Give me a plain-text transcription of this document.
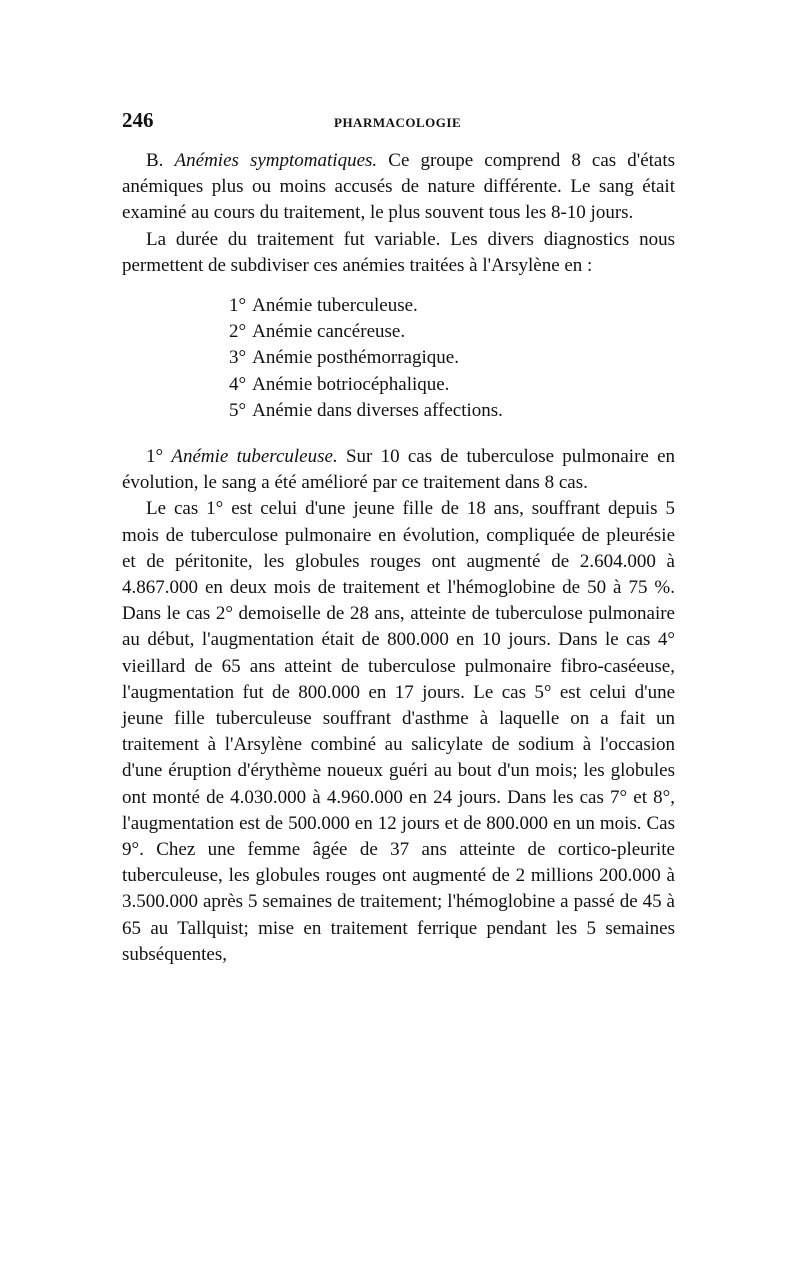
246	PHARMACOLOGIE

B. Anémies symptomatiques. Ce groupe comprend 8 cas d'états anémiques plus ou moins accusés de nature différente. Le sang était examiné au cours du traitement, le plus souvent tous les 8-10 jours.

La durée du traitement fut variable. Les divers diagnostics nous permettent de subdiviser ces anémies traitées à l'Arsylène en :

1° Anémie tuberculeuse.
2° Anémie cancéreuse.
3° Anémie posthémorragique.
4° Anémie botriocéphalique.
5° Anémie dans diverses affections.

1° Anémie tuberculeuse. Sur 10 cas de tuberculose pulmonaire en évolution, le sang a été amélioré par ce traitement dans 8 cas.

Le cas 1° est celui d'une jeune fille de 18 ans, souffrant depuis 5 mois de tuberculose pulmonaire en évolution, compliquée de pleurésie et de péritonite, les globules rouges ont augmenté de 2.604.000 à 4.867.000 en deux mois de traitement et l'hémoglobine de 50 à 75 %. Dans le cas 2° demoiselle de 28 ans, atteinte de tuberculose pulmonaire au début, l'augmentation était de 800.000 en 10 jours. Dans le cas 4° vieillard de 65 ans atteint de tuberculose pulmonaire fibro-caséeuse, l'augmentation fut de 800.000 en 17 jours. Le cas 5° est celui d'une jeune fille tuberculeuse souffrant d'asthme à laquelle on a fait un traitement à l'Arsylène combiné au salicylate de sodium à l'occasion d'une éruption d'érythème noueux guéri au bout d'un mois; les globules ont monté de 4.030.000 à 4.960.000 en 24 jours. Dans les cas 7° et 8°, l'augmentation est de 500.000 en 12 jours et de 800.000 en un mois. Cas 9°. Chez une femme âgée de 37 ans atteinte de cortico-pleurite tuberculeuse, les globules rouges ont augmenté de 2 millions 200.000 à 3.500.000 après 5 semaines de traitement; l'hémoglobine a passé de 45 à 65 au Tallquist; mise en traitement ferrique pendant les 5 semaines subséquentes,
